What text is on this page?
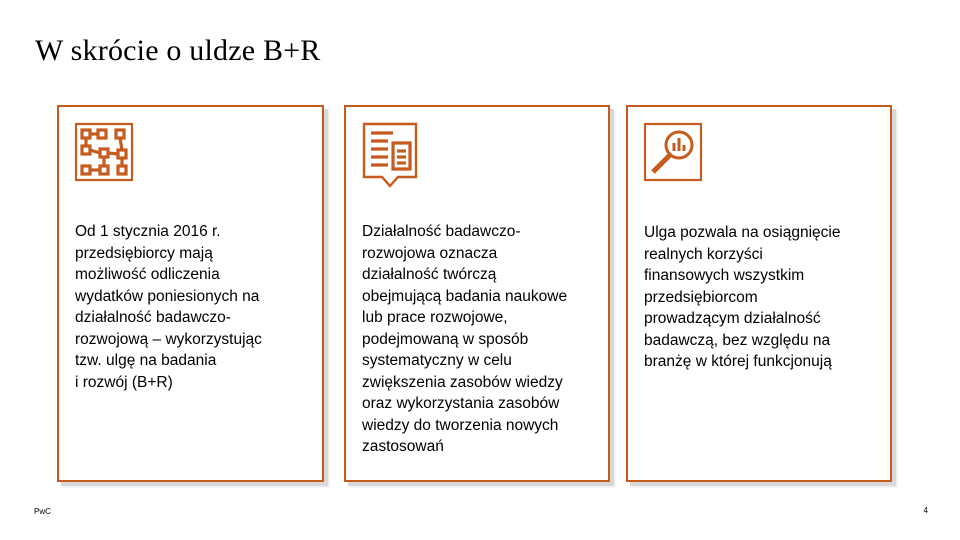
W skrócie o uldze B+R
Od 1 stycznia 2016 r.
przedsiębiorcy mają
możliwość odliczenia
wydatków poniesionych na
działalność badawczo-
rozwojową – wykorzystując
tzw. ulgę na badania
i rozwój (B+R)
Działalność badawczo-
rozwojowa oznacza
działalność twórczą
obejmującą badania naukowe
lub prace rozwojowe,
podejmowaną w sposób
systematyczny w celu
zwiększenia zasobów wiedzy
oraz wykorzystania zasobów
wiedzy do tworzenia nowych
zastosowań
Ulga pozwala na osiągnięcie
realnych korzyści
finansowych wszystkim
przedsiębiorcom
prowadzącym działalność
badawczą, bez względu na
branżę w której funkcjonują
PwC	4
